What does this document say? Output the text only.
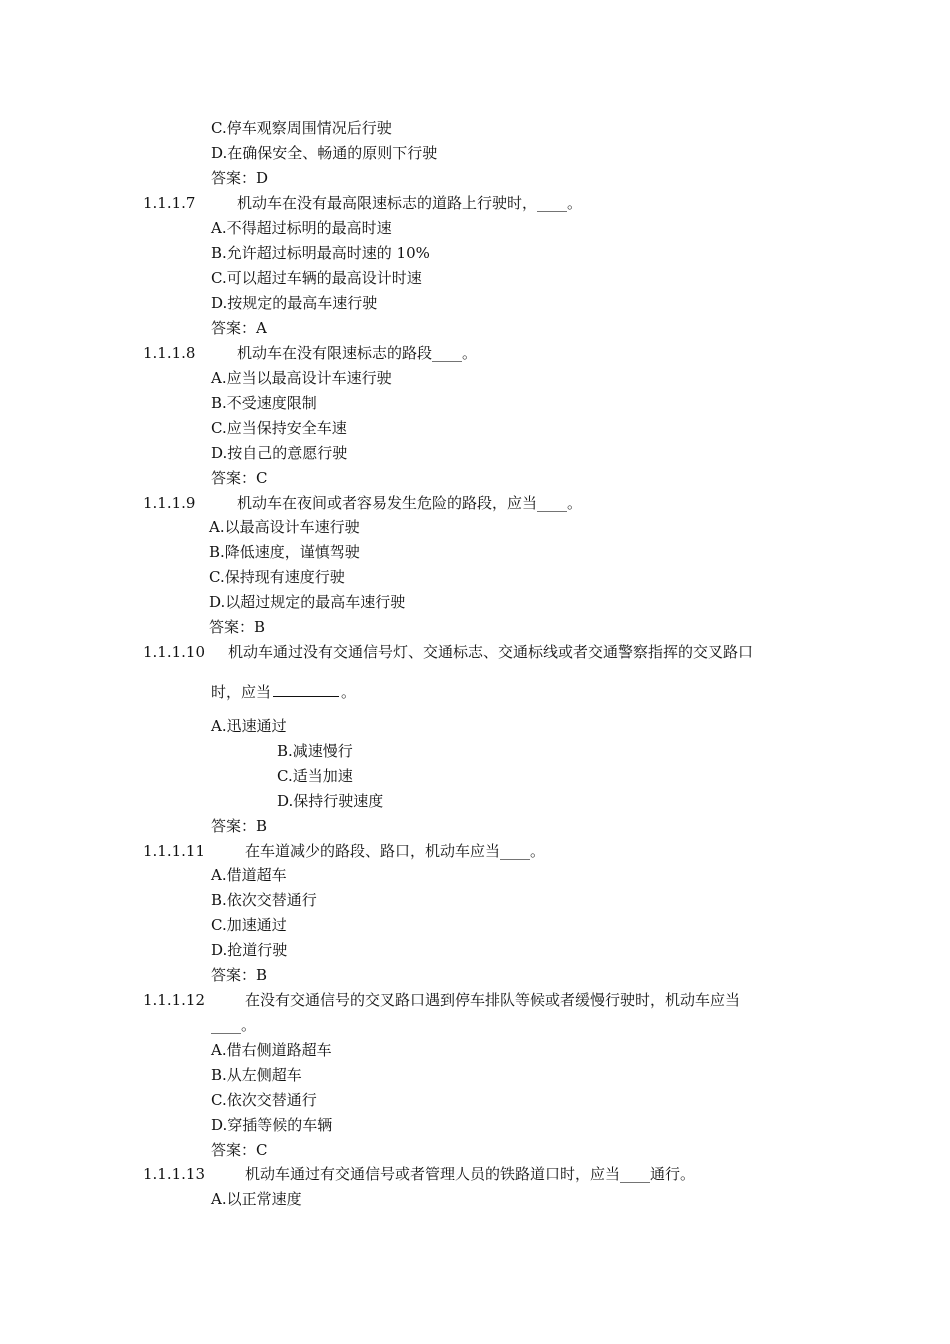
C.停车观察周围情况后行驶
D.在确保安全、畅通的原则下行驶
答案：D
1.1.1.7	机动车在没有最高限速标志的道路上行驶时，____。
A.不得超过标明的最高时速
B.允许超过标明最高时速的 10%
C.可以超过车辆的最高设计时速
D.按规定的最高车速行驶
答案：A
1.1.1.8	机动车在没有限速标志的路段____。
A.应当以最高设计车速行驶
B.不受速度限制
C.应当保持安全车速
D.按自己的意愿行驶
答案：C
1.1.1.9	机动车在夜间或者容易发生危险的路段，应当____。
A.以最高设计车速行驶
B.降低速度，谨慎驾驶
C.保持现有速度行驶
D.以超过规定的最高车速行驶
答案：B
1.1.1.10 机动车通过没有交通信号灯、交通标志、交通标线或者交通警察指挥的交叉路口
时，应当	。
A.迅速通过
B.减速慢行
C.适当加速
D.保持行驶速度
答案：B
1.1.1.11	在车道减少的路段、路口，机动车应当____。
A.借道超车
B.依次交替通行
C.加速通过
D.抢道行驶
答案：B
1.1.1.12	在没有交通信号的交叉路口遇到停车排队等候或者缓慢行驶时，机动车应当
____。
A.借右侧道路超车
B.从左侧超车
C.依次交替通行
D.穿插等候的车辆
答案：C
1.1.1.13	机动车通过有交通信号或者管理人员的铁路道口时，应当____通行。
A.以正常速度
